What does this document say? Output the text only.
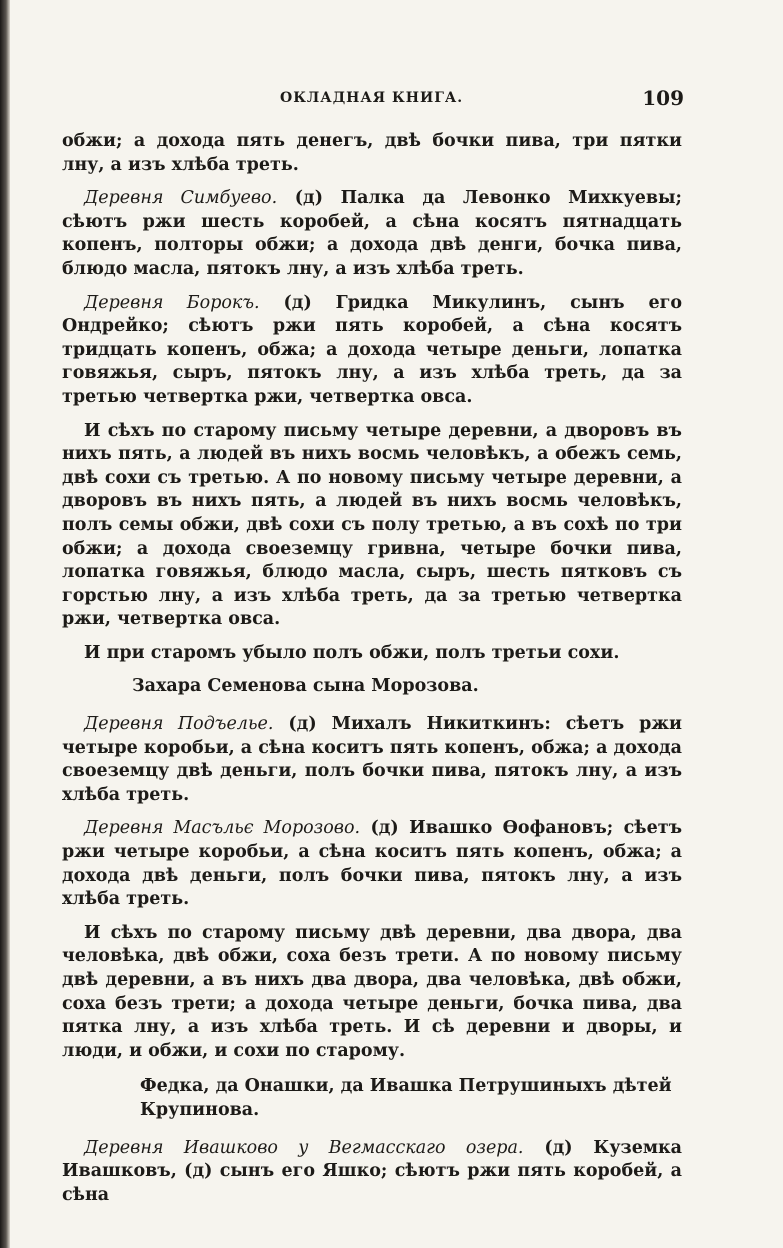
ОКЛАДНАЯ КНИГА.	109

обжи; а дохода пять денегъ, двѣ бочки пива, три пятки лну, а изъ хлѣба треть.

Деревня Симбуево. (д) Палка да Левонко Михкуевы; сѣютъ ржи шесть коробей, а сѣна косятъ пятнадцать копенъ, полторы обжи; а дохода двѣ денги, бочка пива, блюдо масла, пятокъ лну, а изъ хлѣба треть.

Деревня Борокъ. (д) Гридка Микулинъ, сынъ его Ондрейко; сѣютъ ржи пять коробей, а сѣна косятъ тридцать копенъ, обжа; а дохода четыре деньги, лопатка говяжья, сыръ, пятокъ лну, а изъ хлѣба треть, да за третью четвертка ржи, четвертка овса.

И сѣхъ по старому письму четыре деревни, а дворовъ въ нихъ пять, а людей въ нихъ восмь человѣкъ, а обежъ семь, двѣ сохи съ третью. А по новому письму четыре деревни, а дворовъ въ нихъ пять, а людей въ нихъ восмь человѣкъ, полъ семы обжи, двѣ сохи съ полу третью, а въ сохѣ по три обжи; а дохода своеземцу гривна, четыре бочки пива, лопатка говяжья, блюдо масла, сыръ, шесть пятковъ съ горстью лну, а изъ хлѣба треть, да за третью четвертка ржи, четвертка овса.

И при старомъ убыло полъ обжи, полъ третьи сохи.

Захара Семенова сына Морозова.

Деревня Подъелье. (д) Михалъ Никиткинъ: сѣетъ ржи четыре коробьи, а сѣна коситъ пять копенъ, обжа; а дохода своеземцу двѣ деньги, полъ бочки пива, пятокъ лну, а изъ хлѣба треть.

Деревня Масъльє Морозово. (д) Ивашко Ѳофановъ; сѣетъ ржи четыре коробьи, а сѣна коситъ пять копенъ, обжа; а дохода двѣ деньги, полъ бочки пива, пятокъ лну, а изъ хлѣба треть.

И сѣхъ по старому письму двѣ деревни, два двора, два человѣка, двѣ обжи, соха безъ трети. А по новому письму двѣ деревни, а въ нихъ два двора, два человѣка, двѣ обжи, соха безъ трети; а дохода четыре деньги, бочка пива, два пятка лну, а изъ хлѣба треть. И сѣ деревни и дворы, и люди, и обжи, и сохи по старому.

Федка, да Онашки, да Ивашка Петрушиныхъ дѣтей Крупинова.

Деревня Ивашково у Вегмасскаго озера. (д) Куземка Ивашковъ, (д) сынъ его Яшко; сѣютъ ржи пять коробей, а сѣна
